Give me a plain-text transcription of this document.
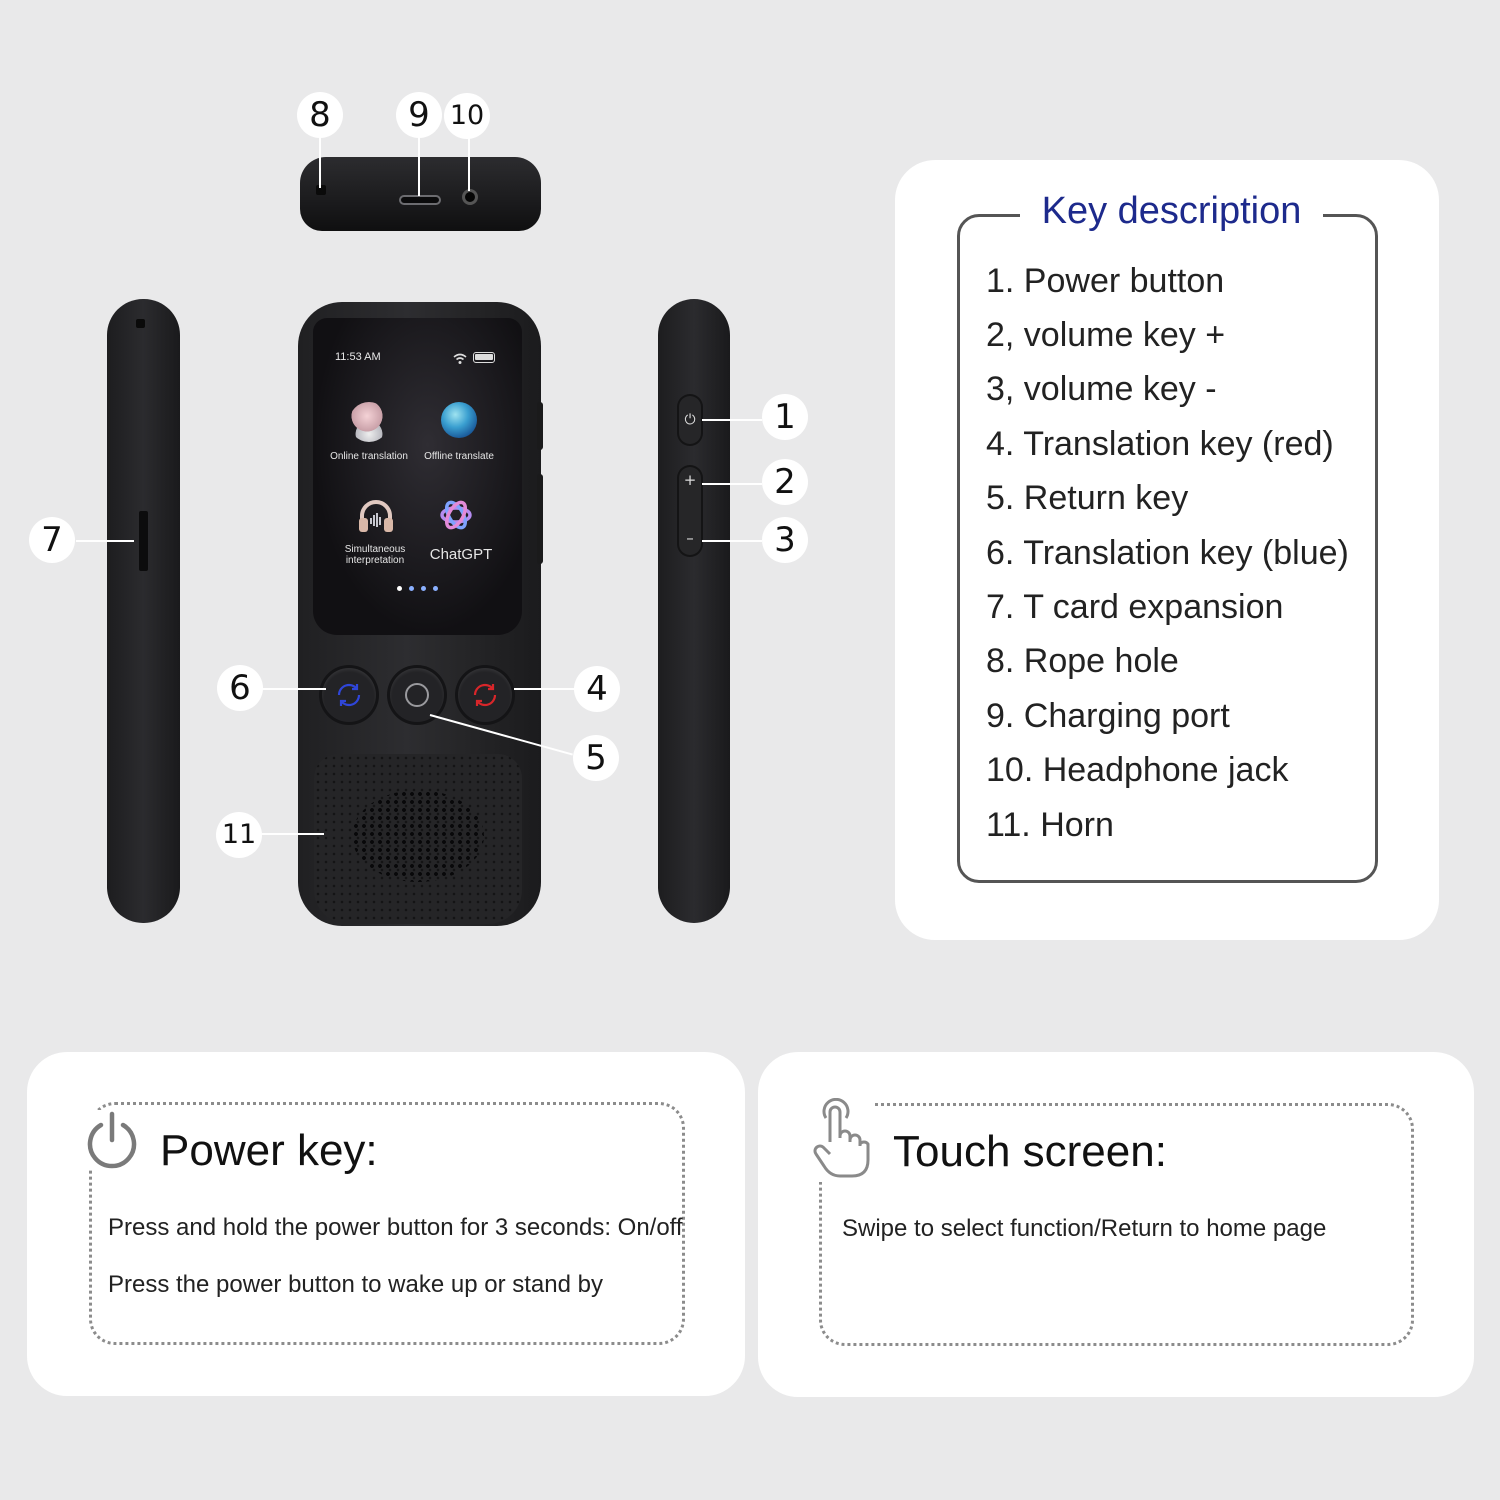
⏻
+
–
11:53 AM
Online translation	Offline translate
Simultaneous interpretation	ChatGPT
8	9 10
7
1
2
3
6	4
5
11
Key description
1. Power button
2, volume key +
3, volume key -
4. Translation key (red)
5. Return key
6. Translation key (blue)
7. T card expansion
8. Rope hole
9. Charging port
10. Headphone jack
11. Horn
Power key:
Press and hold the power button for 3 seconds: On/off
Press the power button to wake up or stand by
Touch screen:
Swipe to select function/Return to home page
